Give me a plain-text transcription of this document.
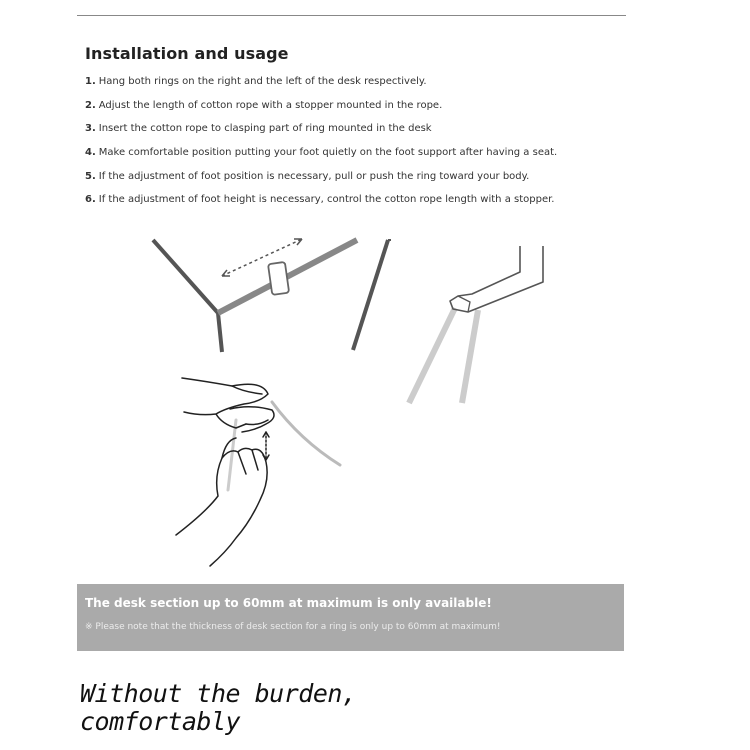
Installation and usage
1. Hang both rings on the right and the left of the desk respectively.
2. Adjust the length of cotton rope with a stopper mounted in the rope.
3. Insert the cotton rope to clasping part of ring mounted in the desk
4. Make comfortable position putting your foot quietly on the foot support after having a seat.
5. If the adjustment of foot position is necessary, pull or push the ring toward your body.
6. If the adjustment of foot height is necessary, control the cotton rope length with a stopper.

The desk section up to 60mm at maximum is only available!

※ Please note that the thickness of desk section for a ring is only up to 60mm at maximum!

Without the burden,
comfortably
